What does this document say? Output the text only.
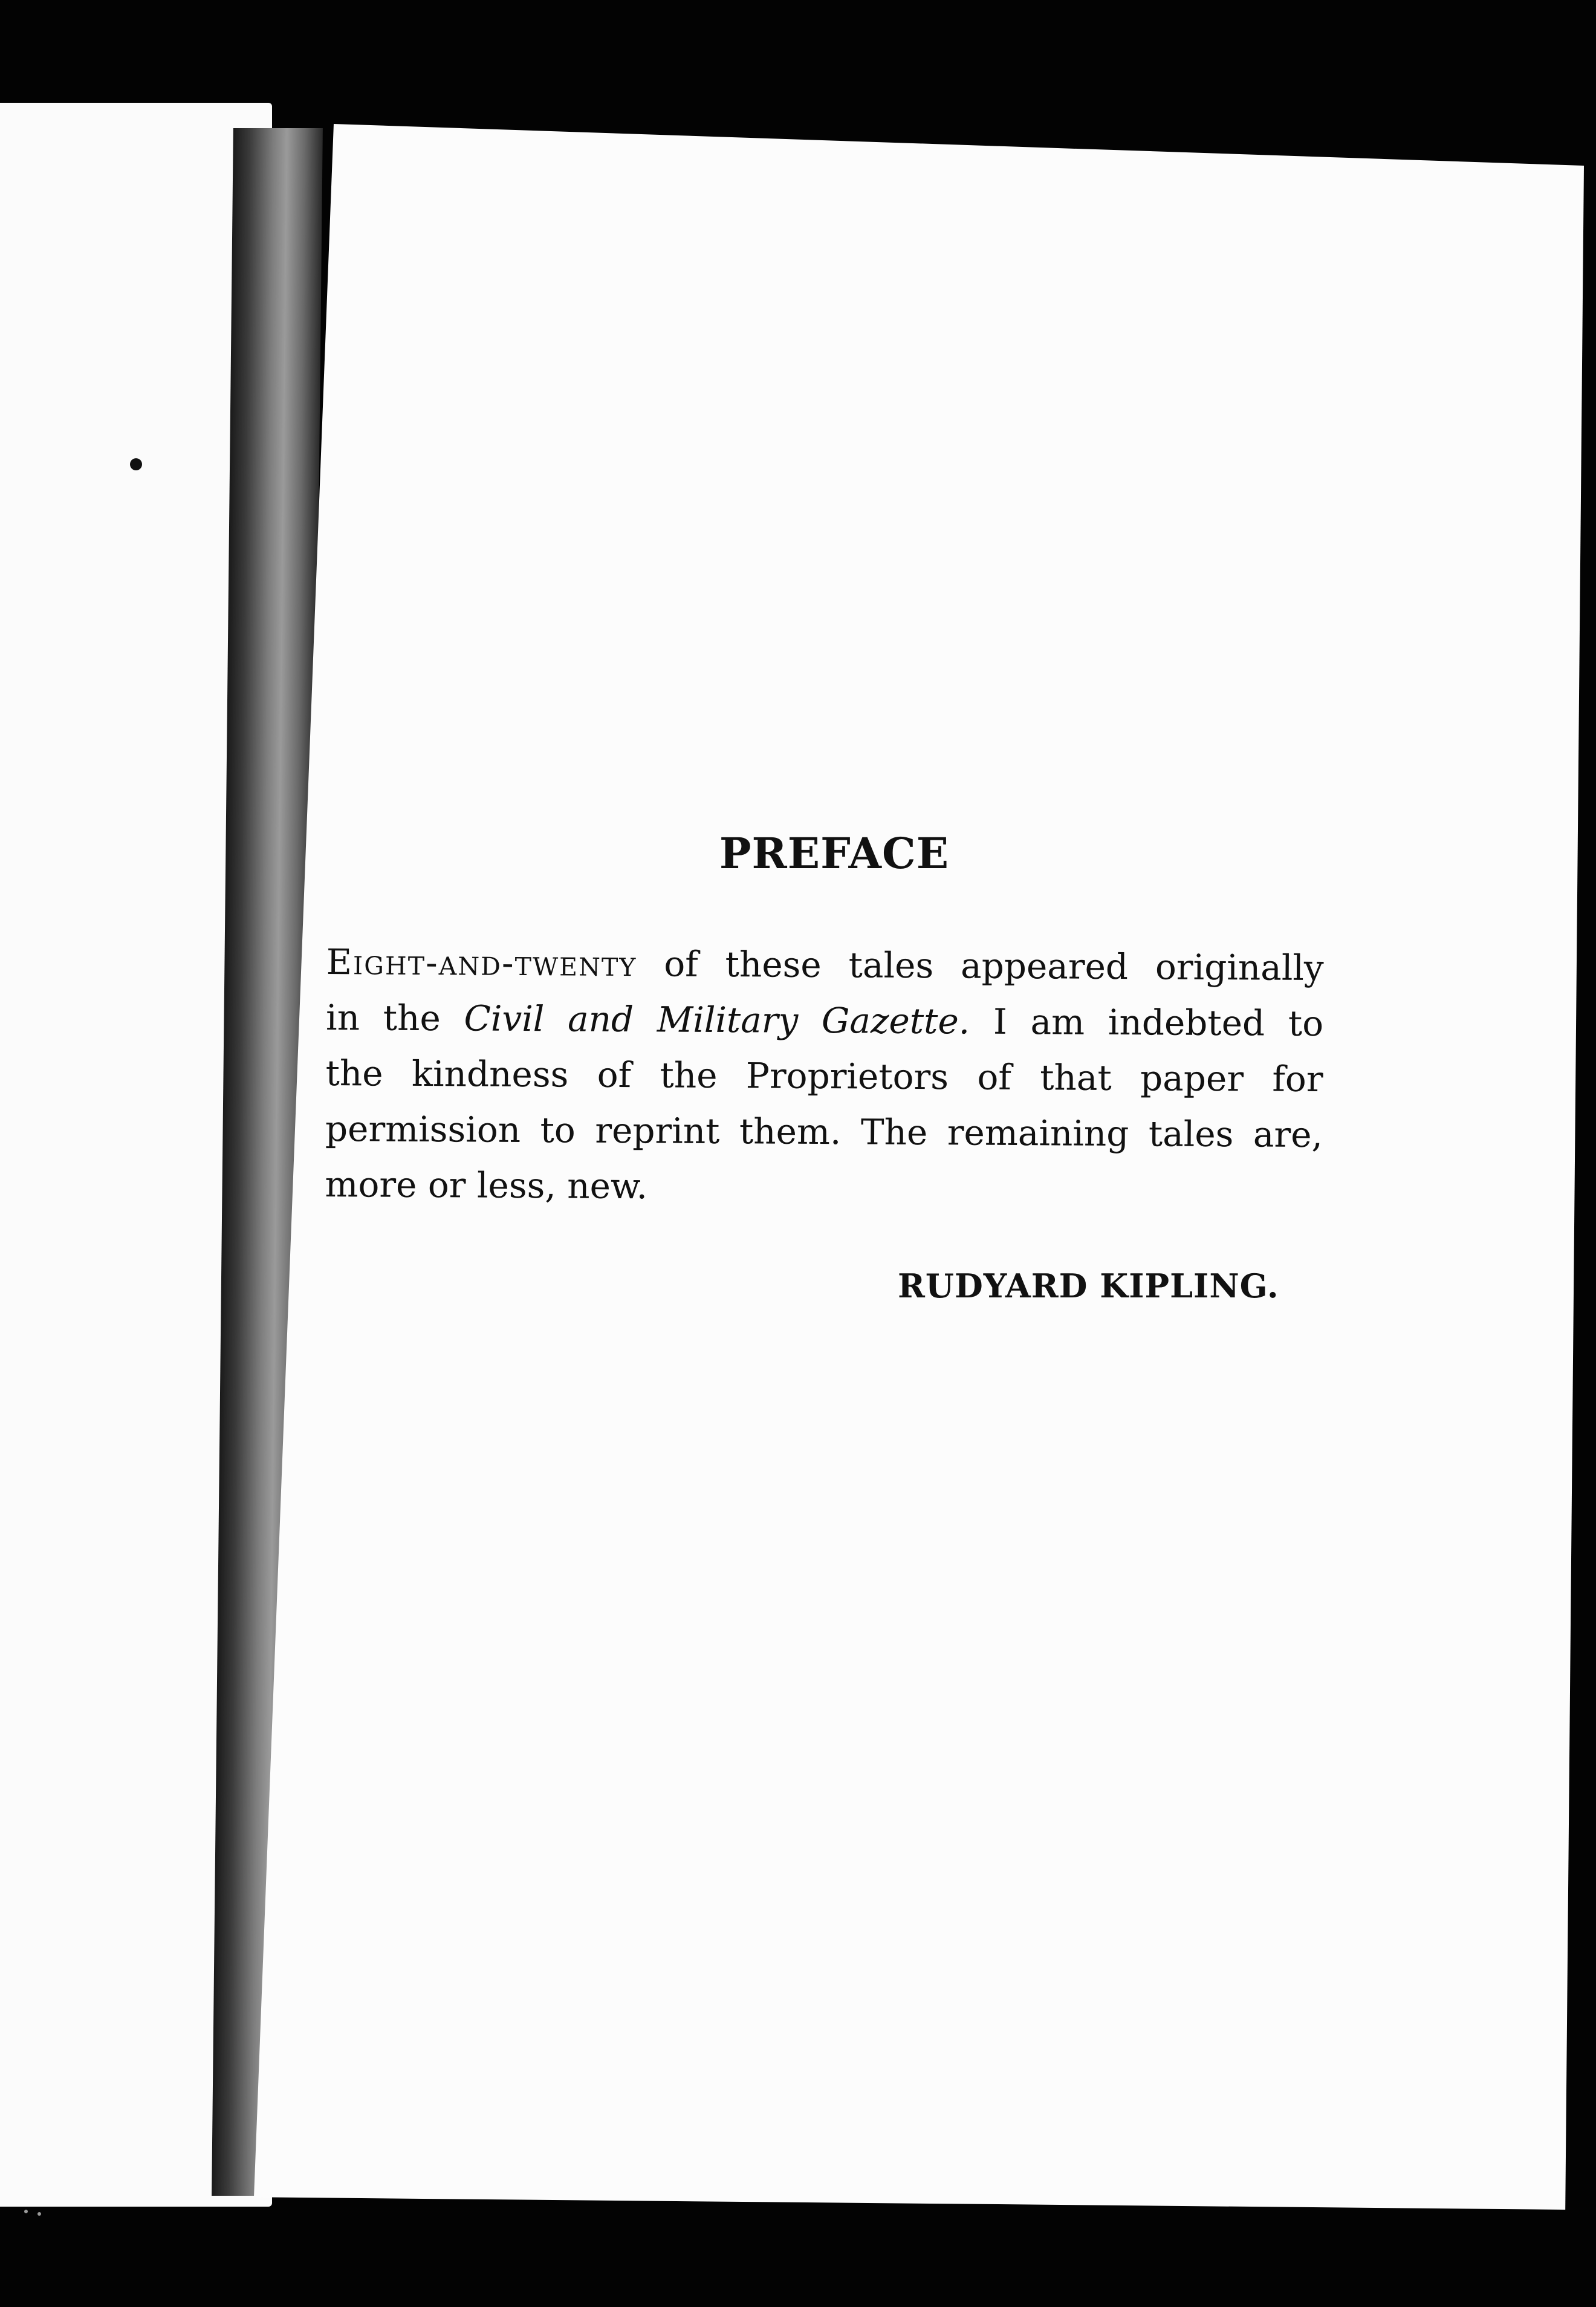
PREFACE
Eight-and-twenty of these tales appeared originally
in the Civil and Military Gazette. I am indebted to
the kindness of the Proprietors of that paper for
permission to reprint them. The remaining tales are,
more or less, new.
RUDYARD KIPLING.
